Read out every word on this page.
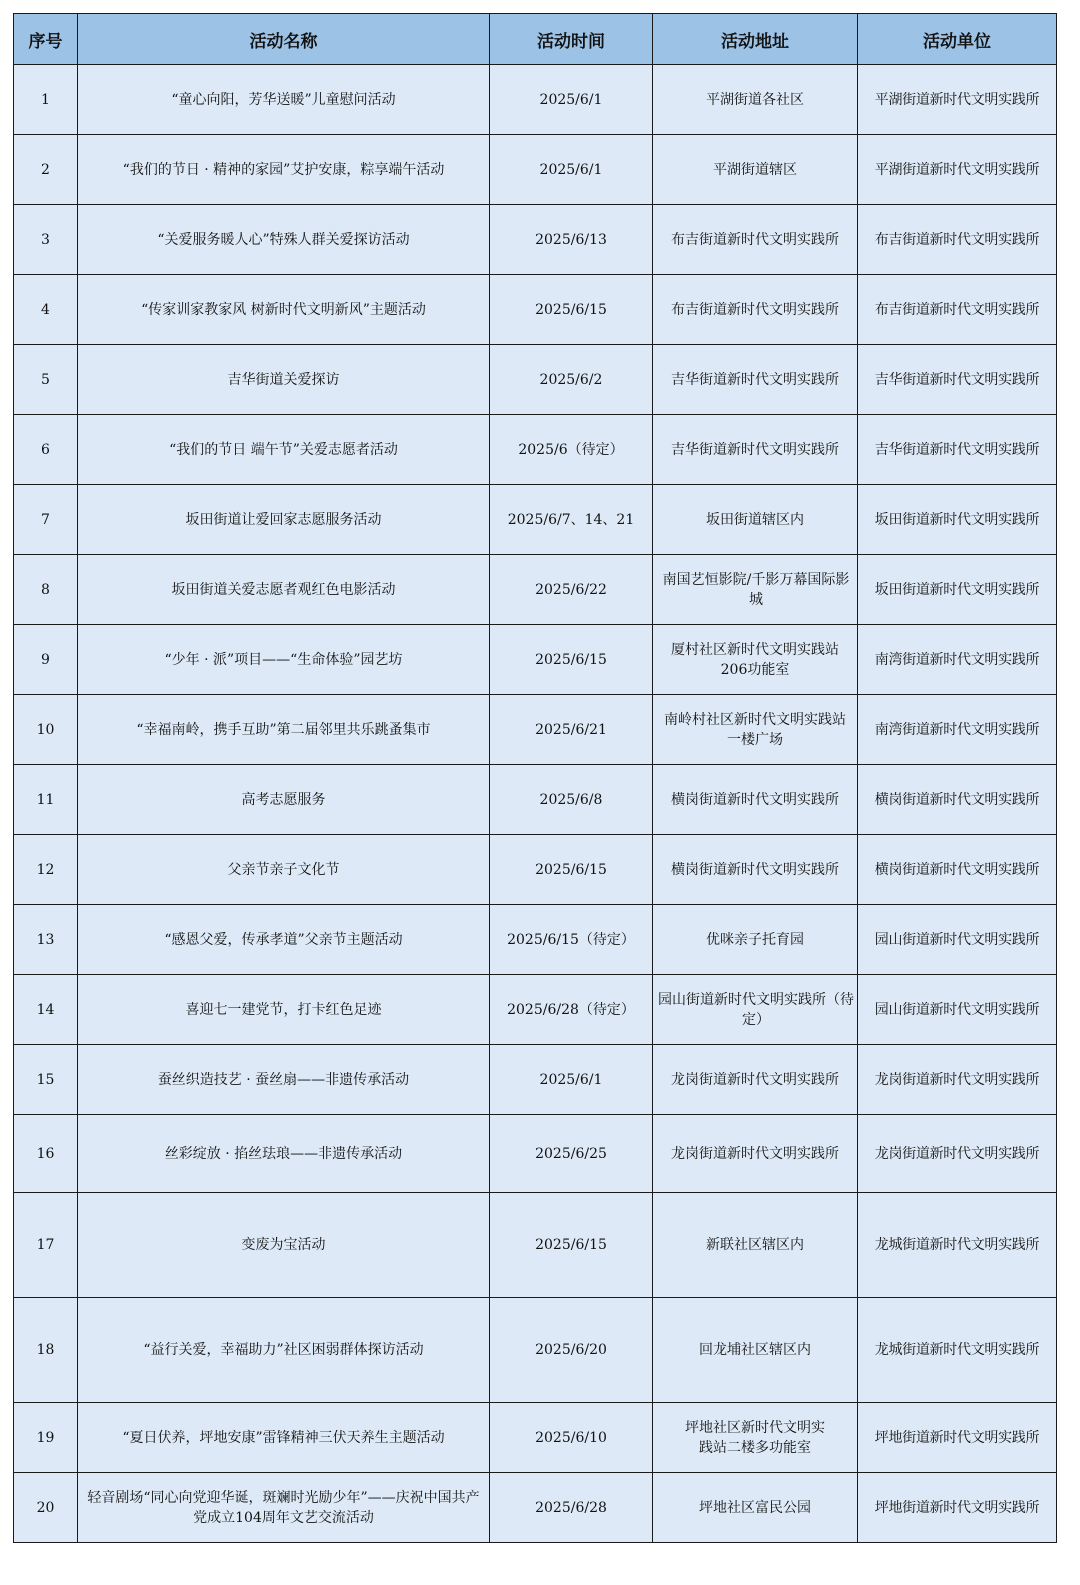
序号	活动名称	活动时间	活动地址	活动单位
1	“童心向阳，芳华送暖”儿童慰问活动	2025/6/1	平湖街道各社区	平湖街道新时代文明实践所
2	“我们的节日 · 精神的家园”艾护安康，粽享端午活动	2025/6/1	平湖街道辖区	平湖街道新时代文明实践所
3	“关爱服务暖人心”特殊人群关爱探访活动	2025/6/13	布吉街道新时代文明实践所	布吉街道新时代文明实践所
4	“传家训家教家风 树新时代文明新风”主题活动	2025/6/15	布吉街道新时代文明实践所	布吉街道新时代文明实践所
5	吉华街道关爱探访	2025/6/2	吉华街道新时代文明实践所	吉华街道新时代文明实践所
6	“我们的节日 端午节”关爱志愿者活动	2025/6（待定）	吉华街道新时代文明实践所	吉华街道新时代文明实践所
7	坂田街道让爱回家志愿服务活动	2025/6/7、14、21	坂田街道辖区内	坂田街道新时代文明实践所
8	坂田街道关爱志愿者观红色电影活动	2025/6/22	南国艺恒影院/千影万幕国际影城	坂田街道新时代文明实践所
9	“少年 · 派”项目——“生命体验”园艺坊	2025/6/15	厦村社区新时代文明实践站206功能室	南湾街道新时代文明实践所
10	“幸福南岭，携手互助”第二届邻里共乐跳蚤集市	2025/6/21	南岭村社区新时代文明实践站一楼广场	南湾街道新时代文明实践所
11	高考志愿服务	2025/6/8	横岗街道新时代文明实践所	横岗街道新时代文明实践所
12	父亲节亲子文化节	2025/6/15	横岗街道新时代文明实践所	横岗街道新时代文明实践所
13	“感恩父爱，传承孝道”父亲节主题活动	2025/6/15（待定）	优咪亲子托育园	园山街道新时代文明实践所
14	喜迎七一建党节，打卡红色足迹	2025/6/28（待定）	园山街道新时代文明实践所（待定）	园山街道新时代文明实践所
15	蚕丝织造技艺 · 蚕丝扇——非遗传承活动	2025/6/1	龙岗街道新时代文明实践所	龙岗街道新时代文明实践所
16	丝彩绽放 · 掐丝珐琅——非遗传承活动	2025/6/25	龙岗街道新时代文明实践所	龙岗街道新时代文明实践所
17	变废为宝活动	2025/6/15	新联社区辖区内	龙城街道新时代文明实践所
18	“益行关爱，幸福助力”社区困弱群体探访活动	2025/6/20	回龙埔社区辖区内	龙城街道新时代文明实践所
19	“夏日伏养，坪地安康”雷锋精神三伏天养生主题活动	2025/6/10	坪地社区新时代文明实践站二楼多功能室	坪地街道新时代文明实践所
20	轻音剧场“同心向党迎华诞，斑斓时光励少年”——庆祝中国共产党成立104周年文艺交流活动	2025/6/28	坪地社区富民公园	坪地街道新时代文明实践所
